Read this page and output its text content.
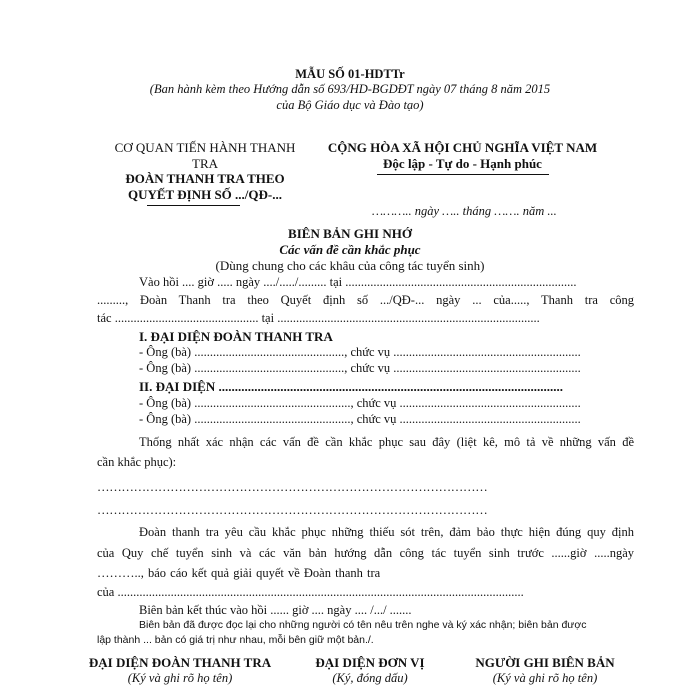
MẪU SỐ 01-HDTTr
(Ban hành kèm theo Hướng dẫn số 693/HD-BGDĐT ngày 07 tháng 8 năm 2015
của Bộ Giáo dục và Đào tạo)
CƠ QUAN TIẾN HÀNH THANH
TRA
ĐOÀN THANH TRA THEO
QUYẾT ĐỊNH SỐ .../QĐ-...
CỘNG HÒA XÃ HỘI CHỦ NGHĨA VIỆT NAM
Độc lập - Tự do - Hạnh phúc
……….. ngày ….. tháng ……. năm ...
BIÊN BẢN GHI NHỚ
Các vấn đề cần khắc phục
(Dùng chung cho các khâu của công tác tuyển sinh)
Vào hồi .... giờ ..... ngày ..../...../......... tại ..........................................................................
........., Đoàn Thanh tra theo Quyết định số .../QĐ-... ngày ... của....., Thanh tra công
tác .............................................. tại ....................................................................................
I. ĐẠI DIỆN ĐOÀN THANH TRA
- Ông (bà) ................................................, chức vụ ............................................................
- Ông (bà) ................................................, chức vụ ............................................................
II. ĐẠI DIỆN ..........................................................................................................
- Ông (bà) .................................................., chức vụ ..........................................................
- Ông (bà) .................................................., chức vụ ..........................................................
Thống nhất xác nhận các vấn đề cần khắc phục sau đây (liệt kê, mô tả về những vấn đề
cần khắc phục):
……………………………………………………………………………………
……………………………………………………………………………………
Đoàn thanh tra yêu cầu khắc phục những thiếu sót trên, đảm bảo thực hiện đúng quy định
của Quy chế tuyển sinh và các văn bản hướng dẫn công tác tuyển sinh trước ......giờ .....ngày
……….., báo cáo kết quả giải quyết về Đoàn thanh tra
của ..................................................................................................................................
Biên bản kết thúc vào hồi ...... giờ .... ngày .... /.../ .......
Biên bản đã được đọc lại cho những người có tên nêu trên nghe và ký xác nhận; biên bản được
lập thành ... bản có giá trị như nhau, mỗi bên giữ một bản./.
ĐẠI DIỆN ĐOÀN THANH TRA
(Ký và ghi rõ họ tên)
ĐẠI DIỆN ĐƠN VỊ
(Ký, đóng dấu)
NGƯỜI GHI BIÊN BẢN
(Ký và ghi rõ họ tên)
